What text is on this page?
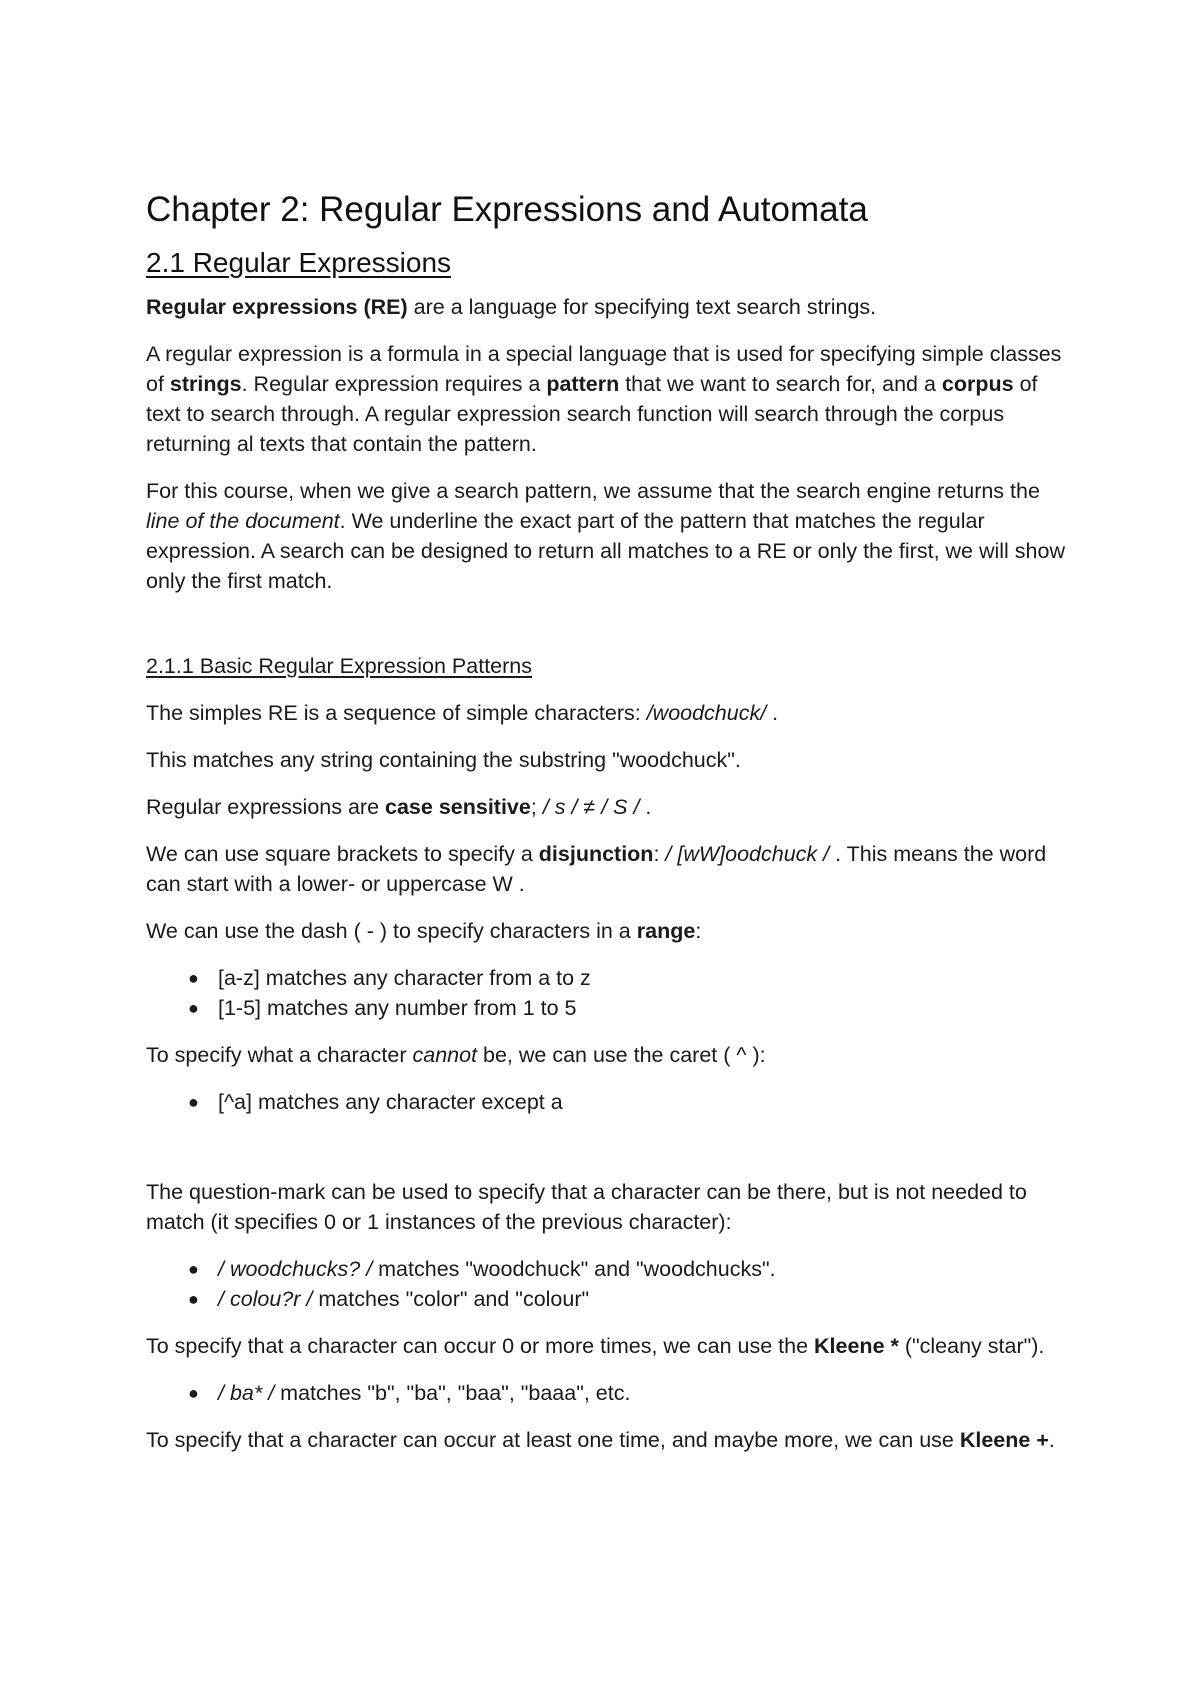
Chapter 2: Regular Expressions and Automata
2.1 Regular Expressions

Regular expressions (RE) are a language for specifying text search strings.

A regular expression is a formula in a special language that is used for specifying simple classes of strings. Regular expression requires a pattern that we want to search for, and a corpus of text to search through. A regular expression search function will search through the corpus returning al texts that contain the pattern.

For this course, when we give a search pattern, we assume that the search engine returns the line of the document. We underline the exact part of the pattern that matches the regular expression. A search can be designed to return all matches to a RE or only the first, we will show only the first match.

2.1.1 Basic Regular Expression Patterns

The simples RE is a sequence of simple characters: /woodchuck/ .

This matches any string containing the substring "woodchuck".

Regular expressions are case sensitive; / s / ≠ / S / .

We can use square brackets to specify a disjunction: / [wW]oodchuck / . This means the word can start with a lower- or uppercase W .

We can use the dash ( - ) to specify characters in a range:

● [a-z] matches any character from a to z
● [1-5] matches any number from 1 to 5

To specify what a character cannot be, we can use the caret ( ^ ):

● [^a] matches any character except a

The question-mark can be used to specify that a character can be there, but is not needed to match (it specifies 0 or 1 instances of the previous character):

● / woodchucks? / matches "woodchuck" and "woodchucks".
● / colou?r / matches "color" and "colour"

To specify that a character can occur 0 or more times, we can use the Kleene * ("cleany star").

● / ba* / matches "b", "ba", "baa", "baaa", etc.

To specify that a character can occur at least one time, and maybe more, we can use Kleene +.
